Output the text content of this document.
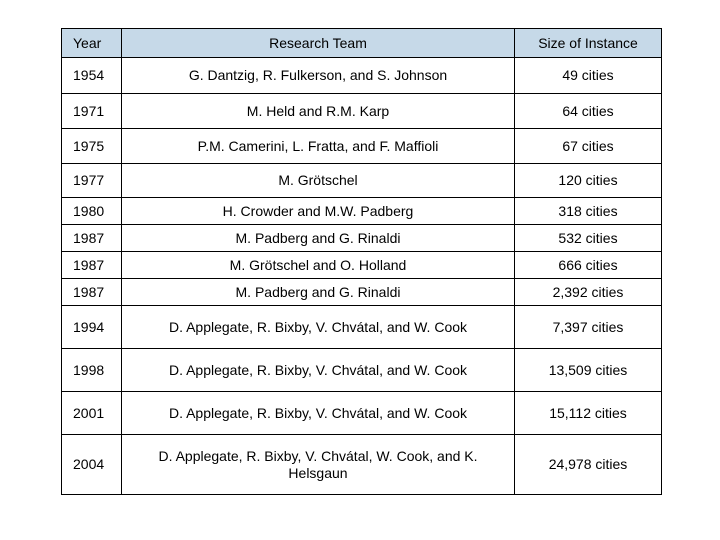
Year	Research Team	Size of Instance
1954	G. Dantzig, R. Fulkerson, and S. Johnson	49 cities
1971	M. Held and R.M. Karp	64 cities
1975	P.M. Camerini, L. Fratta, and F. Maffioli	67 cities
1977	M. Grötschel	120 cities
1980	H. Crowder and M.W. Padberg	318 cities
1987	M. Padberg and G. Rinaldi	532 cities
1987	M. Grötschel and O. Holland	666 cities
1987	M. Padberg and G. Rinaldi	2,392 cities
1994	D. Applegate, R. Bixby, V. Chvátal, and W. Cook	7,397 cities
1998	D. Applegate, R. Bixby, V. Chvátal, and W. Cook	13,509 cities
2001	D. Applegate, R. Bixby, V. Chvátal, and W. Cook	15,112 cities
2004	D. Applegate, R. Bixby, V. Chvátal, W. Cook, and K. Helsgaun	24,978 cities
